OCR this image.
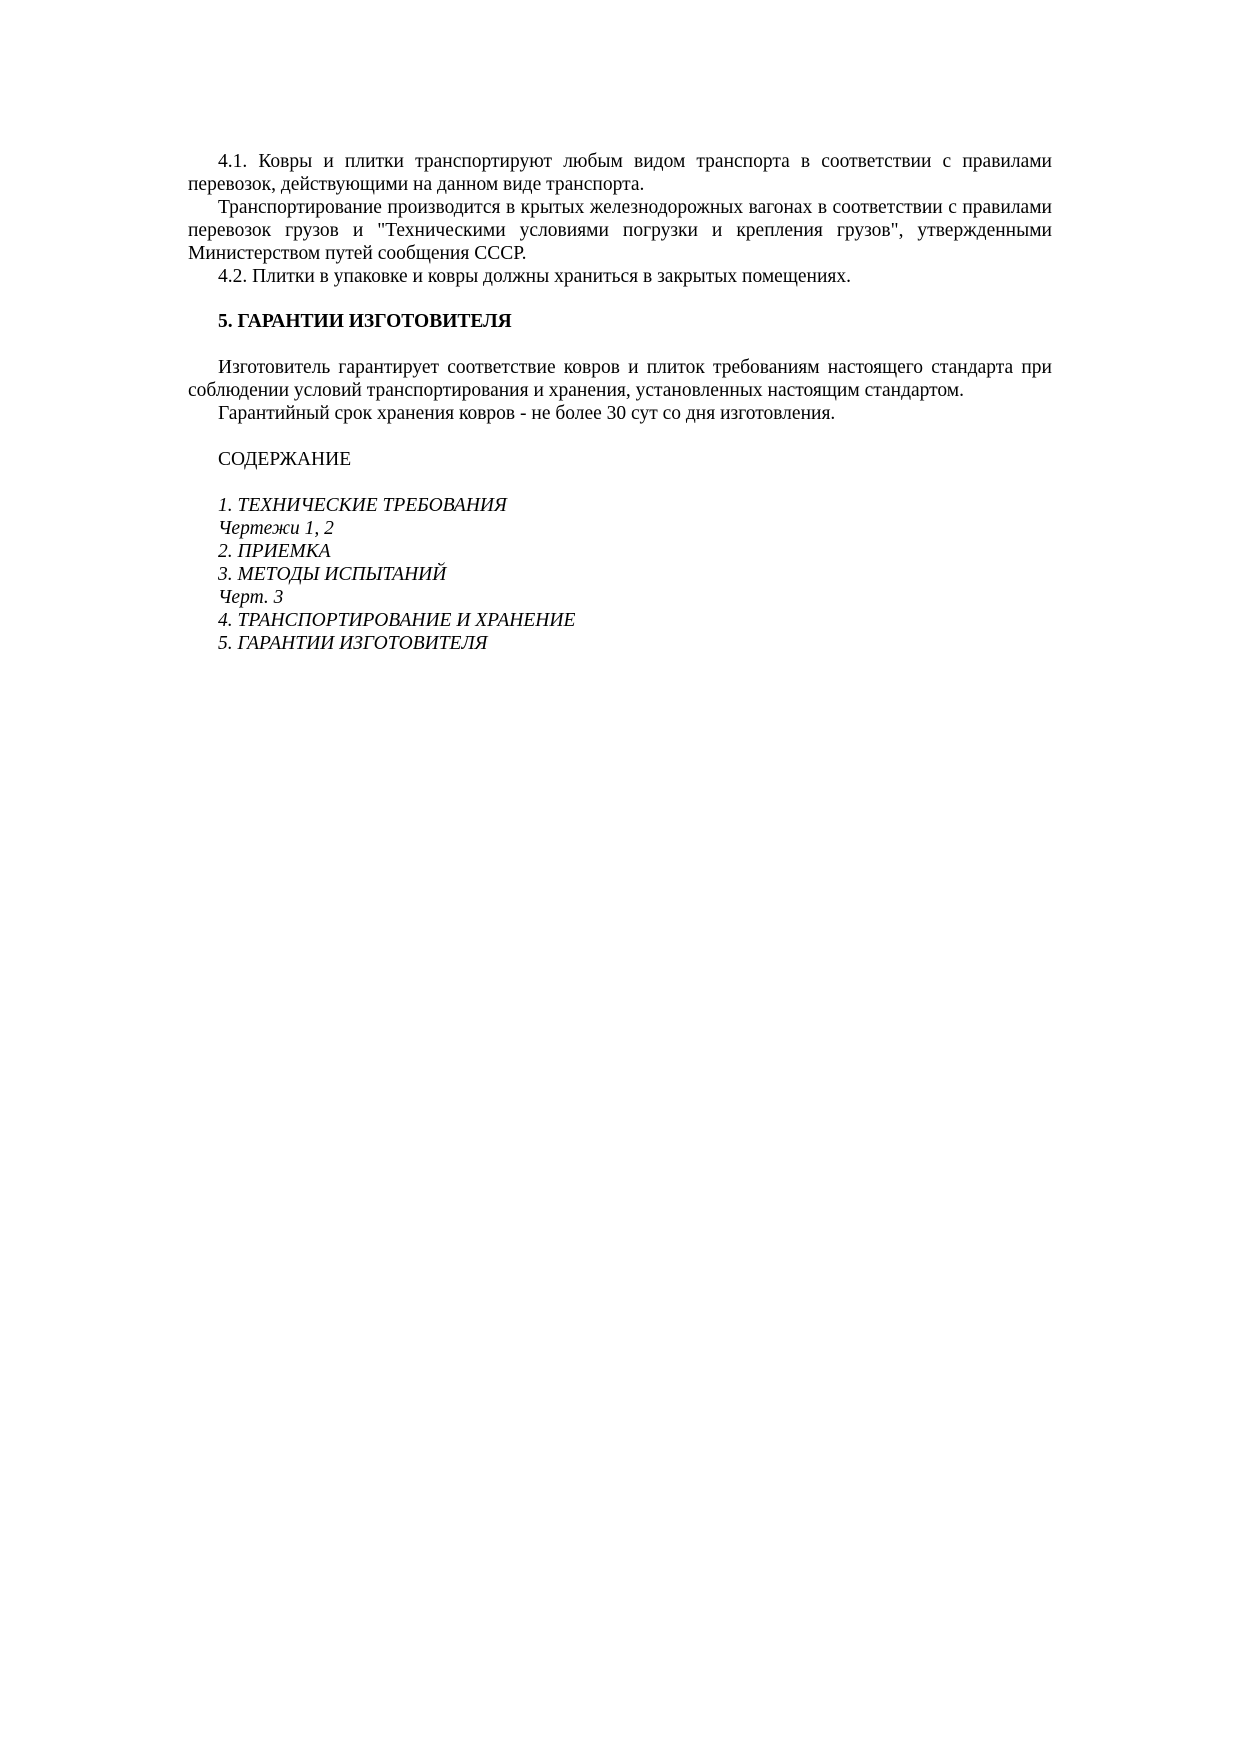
4.1. Ковры и плитки транспортируют любым видом транспорта в соответствии с правилами перевозок, действующими на данном виде транспорта.

Транспортирование производится в крытых железнодорожных вагонах в соответствии с правилами перевозок грузов и "Техническими условиями погрузки и крепления грузов", утвержденными Министерством путей сообщения СССР.

4.2. Плитки в упаковке и ковры должны храниться в закрытых помещениях.

5. ГАРАНТИИ ИЗГОТОВИТЕЛЯ

Изготовитель гарантирует соответствие ковров и плиток требованиям настоящего стандарта при соблюдении условий транспортирования и хранения, установленных настоящим стандартом.

Гарантийный срок хранения ковров - не более 30 сут со дня изготовления.

СОДЕРЖАНИЕ
1. ТЕХНИЧЕСКИЕ ТРЕБОВАНИЯ
Чертежи 1, 2
2. ПРИЕМКА
3. МЕТОДЫ ИСПЫТАНИЙ
Черт. 3
4. ТРАНСПОРТИРОВАНИЕ И ХРАНЕНИЕ
5. ГАРАНТИИ ИЗГОТОВИТЕЛЯ
